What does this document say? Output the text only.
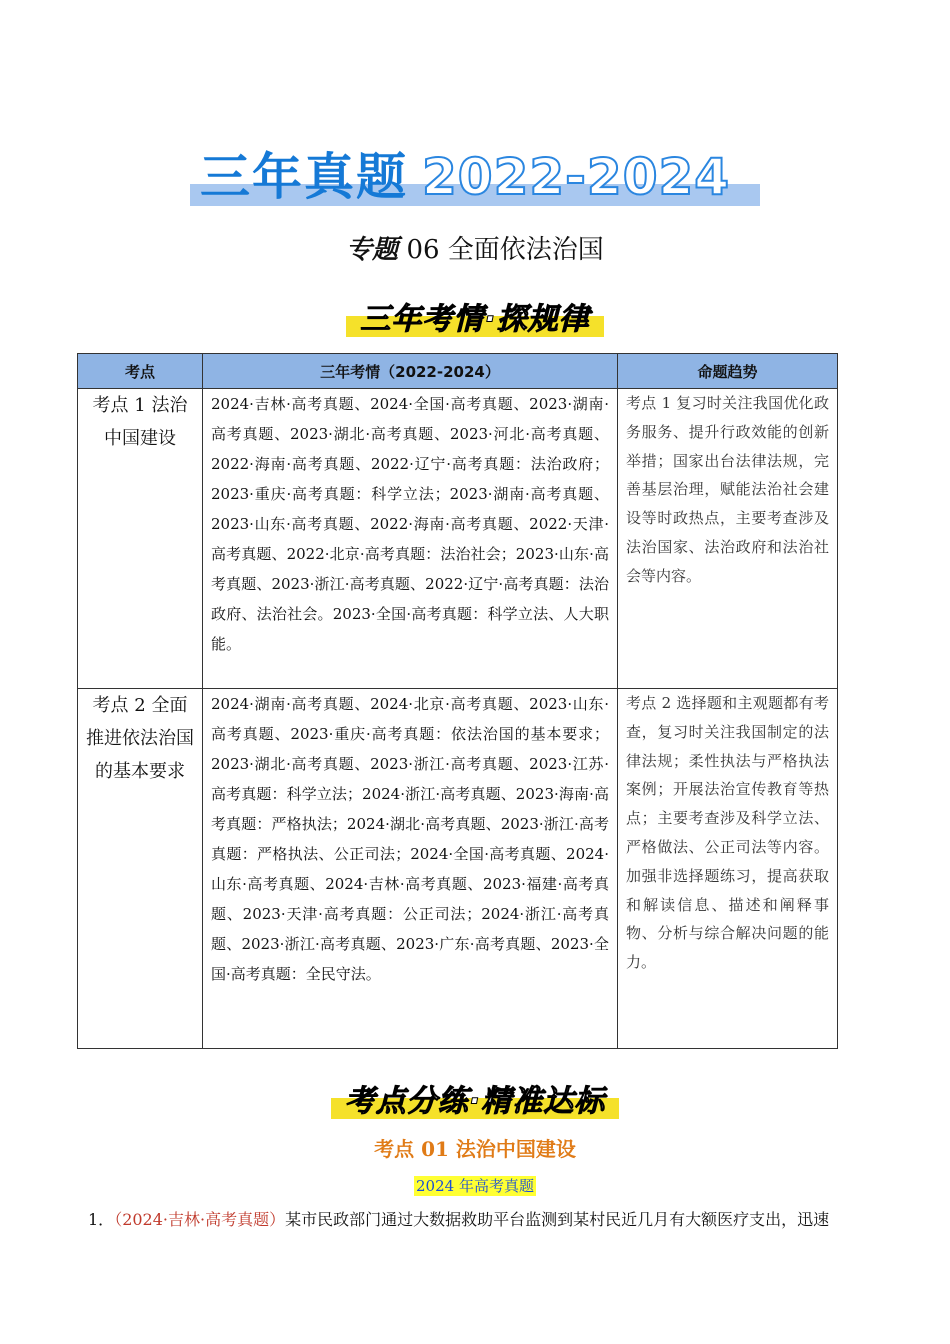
三年真题 2022-2024
专题 06 全面依法治国
三年考情·探规律
考点	三年考情（2022-2024）	命题趋势
考点 1 法治中国建设	2024·吉林·高考真题、2024·全国·高考真题、2023·湖南·高考真题、2023·湖北·高考真题、2023·河北·高考真题、2022·海南·高考真题、2022·辽宁·高考真题：法治政府；2023·重庆·高考真题：科学立法；2023·湖南·高考真题、2023·山东·高考真题、2022·海南·高考真题、2022·天津·高考真题、2022·北京·高考真题：法治社会；2023·山东·高考真题、2023·浙江·高考真题、2022·辽宁·高考真题：法治政府、法治社会。2023·全国·高考真题：科学立法、人大职能。	考点 1 复习时关注我国优化政务服务、提升行政效能的创新举措；国家出台法律法规，完善基层治理，赋能法治社会建设等时政热点，主要考查涉及法治国家、法治政府和法治社会等内容。
考点 2 全面推进依法治国的基本要求	2024·湖南·高考真题、2024·北京·高考真题、2023·山东·高考真题、2023·重庆·高考真题：依法治国的基本要求；2023·湖北·高考真题、2023·浙江·高考真题、2023·江苏·高考真题：科学立法；2024·浙江·高考真题、2023·海南·高考真题：严格执法；2024·湖北·高考真题、2023·浙江·高考真题：严格执法、公正司法；2024·全国·高考真题、2024·山东·高考真题、2024·吉林·高考真题、2023·福建·高考真题、2023·天津·高考真题：公正司法；2024·浙江·高考真题、2023·浙江·高考真题、2023·广东·高考真题、2023·全国·高考真题：全民守法。	考点 2 选择题和主观题都有考查，复习时关注我国制定的法律法规；柔性执法与严格执法案例；开展法治宣传教育等热点；主要考查涉及科学立法、严格做法、公正司法等内容。加强非选择题练习，提高获取和解读信息、描述和阐释事物、分析与综合解决问题的能力。
考点分练·精准达标
考点 01 法治中国建设
2024 年高考真题
1．（2024·吉林·高考真题）某市民政部门通过大数据救助平台监测到某村民近几月有大额医疗支出，迅速
